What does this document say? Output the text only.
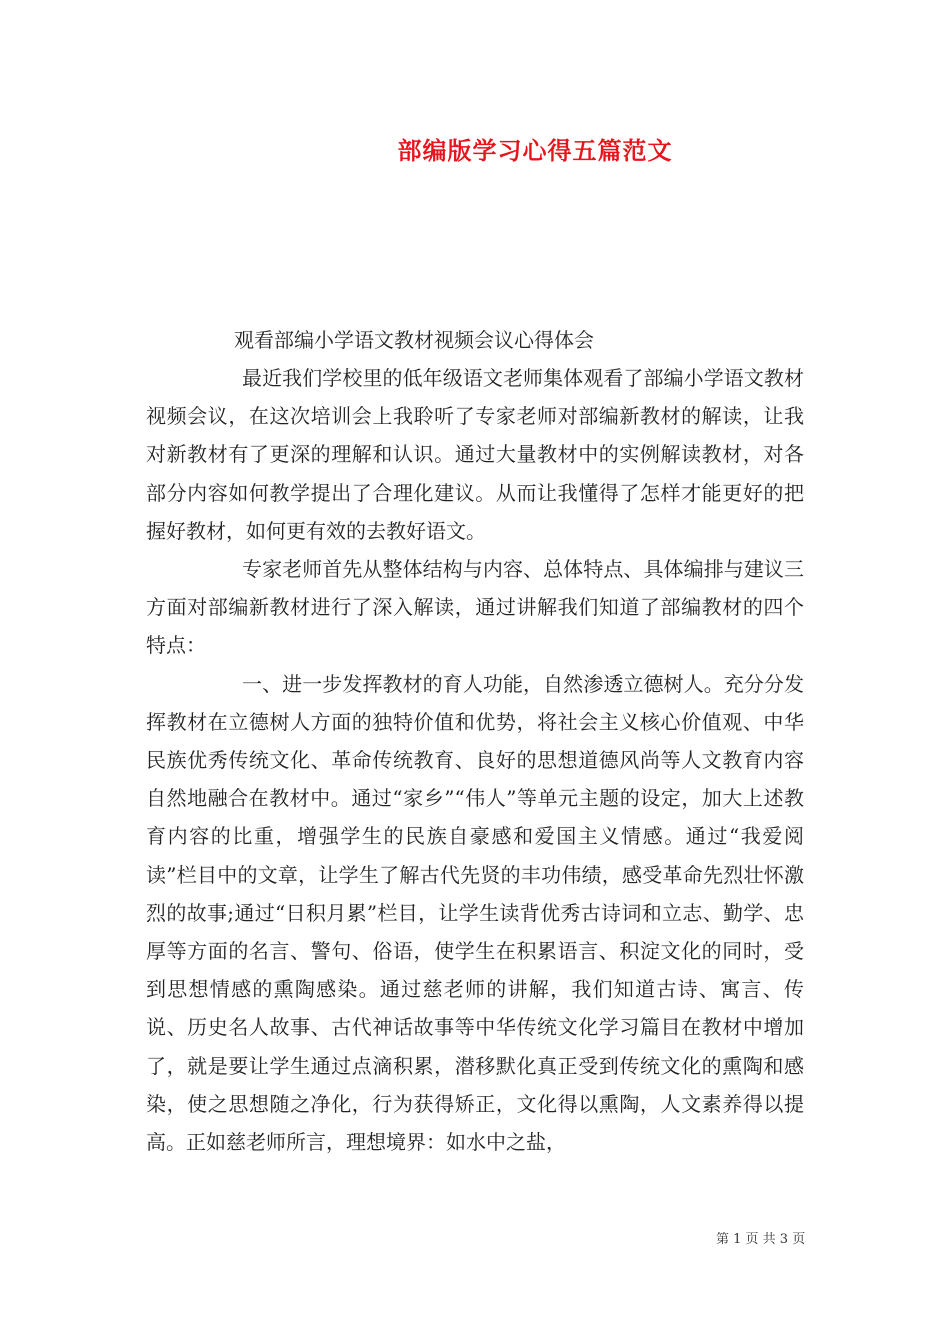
部编版学习心得五篇范文

观看部编小学语文教材视频会议心得体会

最近我们学校里的低年级语文老师集体观看了部编小学语文教材视频会议，在这次培训会上我聆听了专家老师对部编新教材的解读，让我对新教材有了更深的理解和认识。通过大量教材中的实例解读教材，对各部分内容如何教学提出了合理化建议。从而让我懂得了怎样才能更好的把握好教材，如何更有效的去教好语文。

专家老师首先从整体结构与内容、总体特点、具体编排与建议三方面对部编新教材进行了深入解读，通过讲解我们知道了部编教材的四个特点：

一、进一步发挥教材的育人功能，自然渗透立德树人。充分分发挥教材在立德树人方面的独特价值和优势，将社会主义核心价值观、中华民族优秀传统文化、革命传统教育、良好的思想道德风尚等人文教育内容自然地融合在教材中。通过“家乡”“伟人”等单元主题的设定，加大上述教育内容的比重，增强学生的民族自豪感和爱国主义情感。通过“我爱阅读”栏目中的文章，让学生了解古代先贤的丰功伟绩，感受革命先烈壮怀激烈的故事;通过“日积月累”栏目，让学生读背优秀古诗词和立志、勤学、忠厚等方面的名言、警句、俗语，使学生在积累语言、积淀文化的同时，受到思想情感的熏陶感染。通过慈老师的讲解，我们知道古诗、寓言、传说、历史名人故事、古代神话故事等中华传统文化学习篇目在教材中增加了，就是要让学生通过点滴积累，潜移默化真正受到传统文化的熏陶和感染，使之思想随之净化，行为获得矫正，文化得以熏陶，人文素养得以提高。正如慈老师所言，理想境界：如水中之盐，

第 1 页 共 3 页
